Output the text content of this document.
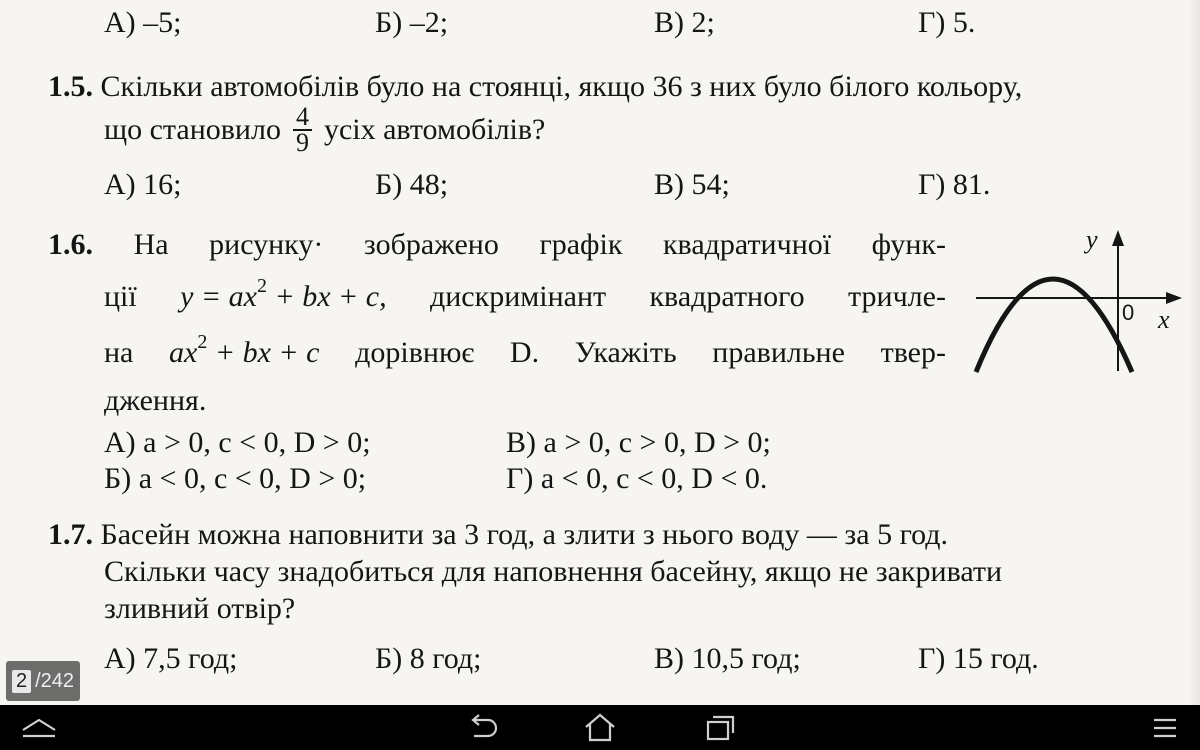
А) –5;	Б) –2;	В) 2;	Г) 5.
1.5. Скільки автомобілів було на стоянці, якщо 36 з них було білого кольору,
що становило $\frac{4}{9}$ усіх автомобілів?
А) 16;	Б) 48;	В) 54;	Г) 81.
1.6. На рисунку· зображено графік квадратичної функ-
ції $y = ax^2$ + bx + c, дискримінант квадратного тричле-
на $ax^2$ + bx + c дорівнює D. Укажіть правильне твер-
дження.
y
0 x
А) a > 0, c < 0, D > 0;	В) a > 0, c > 0, D > 0;
Б) a < 0, c < 0, D > 0;	Г) a < 0, c < 0, D < 0.
1.7. Басейн можна наповнити за 3 год, а злити з нього воду — за 5 год.
Скільки часу знадобиться для наповнення басейну, якщо не закривати
зливний отвір?
А) 7,5 год;	Б) 8 год;	В) 10,5 год;	Г) 15 год.
2 /242
